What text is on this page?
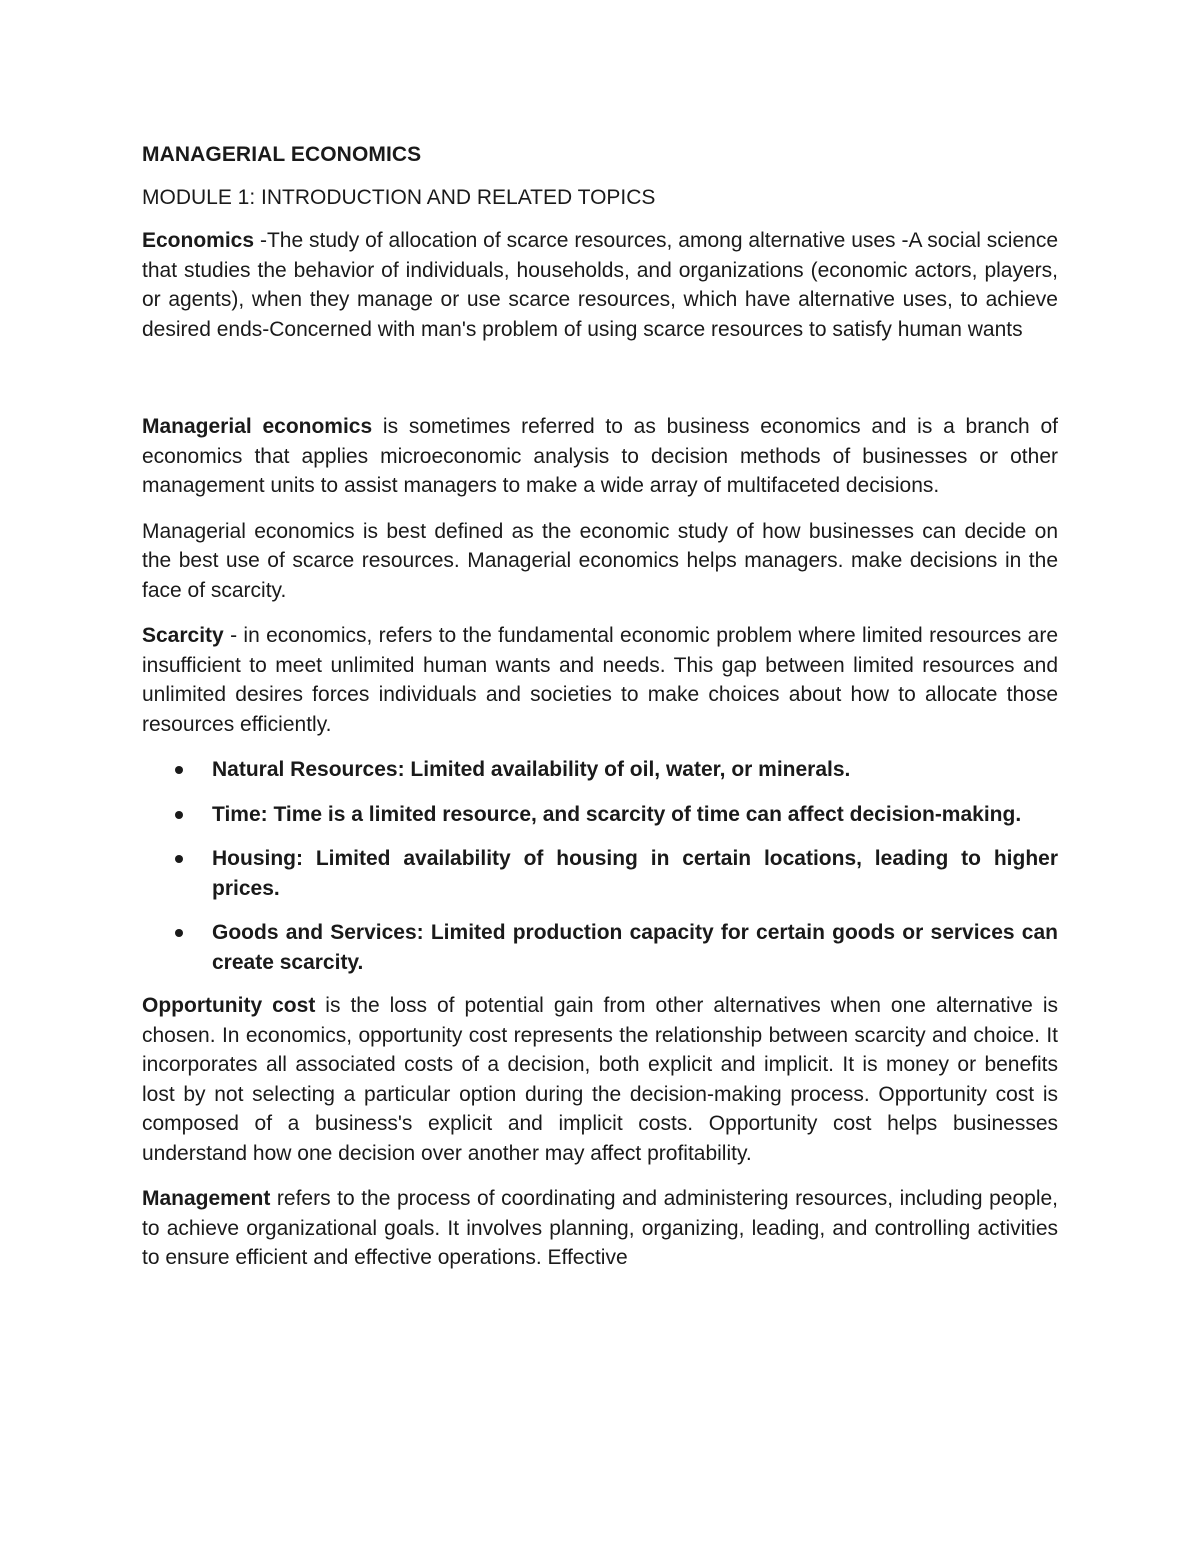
MANAGERIAL ECONOMICS
MODULE 1: INTRODUCTION AND RELATED TOPICS

Economics -The study of allocation of scarce resources, among alternative uses -A social science that studies the behavior of individuals, households, and organizations (economic actors, players, or agents), when they manage or use scarce resources, which have alternative uses, to achieve desired ends-Concerned with man's problem of using scarce resources to satisfy human wants

Managerial economics is sometimes referred to as business economics and is a branch of economics that applies microeconomic analysis to decision methods of businesses or other management units to assist managers to make a wide array of multifaceted decisions.

Managerial economics is best defined as the economic study of how businesses can decide on the best use of scarce resources. Managerial economics helps managers. make decisions in the face of scarcity.

Scarcity - in economics, refers to the fundamental economic problem where limited resources are insufficient to meet unlimited human wants and needs. This gap between limited resources and unlimited desires forces individuals and societies to make choices about how to allocate those resources efficiently.

Natural Resources: Limited availability of oil, water, or minerals.
Time: Time is a limited resource, and scarcity of time can affect decision-making.
Housing: Limited availability of housing in certain locations, leading to higher prices.
Goods and Services: Limited production capacity for certain goods or services can create scarcity.

Opportunity cost is the loss of potential gain from other alternatives when one alternative is chosen. In economics, opportunity cost represents the relationship between scarcity and choice. It incorporates all associated costs of a decision, both explicit and implicit. It is money or benefits lost by not selecting a particular option during the decision-making process. Opportunity cost is composed of a business's explicit and implicit costs. Opportunity cost helps businesses understand how one decision over another may affect profitability.

Management refers to the process of coordinating and administering resources, including people, to achieve organizational goals. It involves planning, organizing, leading, and controlling activities to ensure efficient and effective operations. Effective
